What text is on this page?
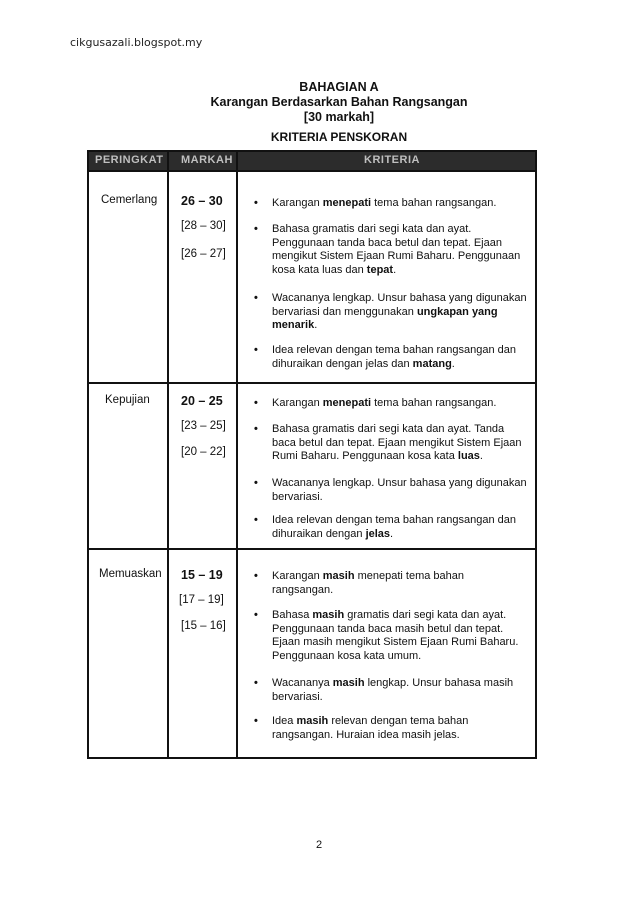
cikgusazali.blogspot.my
BAHAGIAN A
Karangan Berdasarkan Bahan Rangsangan
[30 markah]
KRITERIA PENSKORAN
PERINGKAT MARKAH	KRITERIA
Cemerlang 26 – 30
[28 – 30]
[26 – 27]
• Karangan menepati tema bahan rangsangan.
• Bahasa gramatis dari segi kata dan ayat. Penggunaan tanda baca betul dan tepat. Ejaan mengikut Sistem Ejaan Rumi Baharu. Penggunaan kosa kata luas dan tepat.
• Wacananya lengkap. Unsur bahasa yang digunakan bervariasi dan menggunakan ungkapan yang menarik.
• Idea relevan dengan tema bahan rangsangan dan dihuraikan dengan jelas dan matang.
Kepujian 20 – 25
[23 – 25]
[20 – 22]
• Karangan menepati tema bahan rangsangan.
• Bahasa gramatis dari segi kata dan ayat. Tanda baca betul dan tepat. Ejaan mengikut Sistem Ejaan Rumi Baharu. Penggunaan kosa kata luas.
• Wacananya lengkap. Unsur bahasa yang digunakan bervariasi.
• Idea relevan dengan tema bahan rangsangan dan dihuraikan dengan jelas.
Memuaskan 15 – 19
[17 – 19]
[15 – 16]
• Karangan masih menepati tema bahan rangsangan.
• Bahasa masih gramatis dari segi kata dan ayat. Penggunaan tanda baca masih betul dan tepat. Ejaan masih mengikut Sistem Ejaan Rumi Baharu. Penggunaan kosa kata umum.
• Wacananya masih lengkap. Unsur bahasa masih bervariasi.
• Idea masih relevan dengan tema bahan rangsangan. Huraian idea masih jelas.
2
